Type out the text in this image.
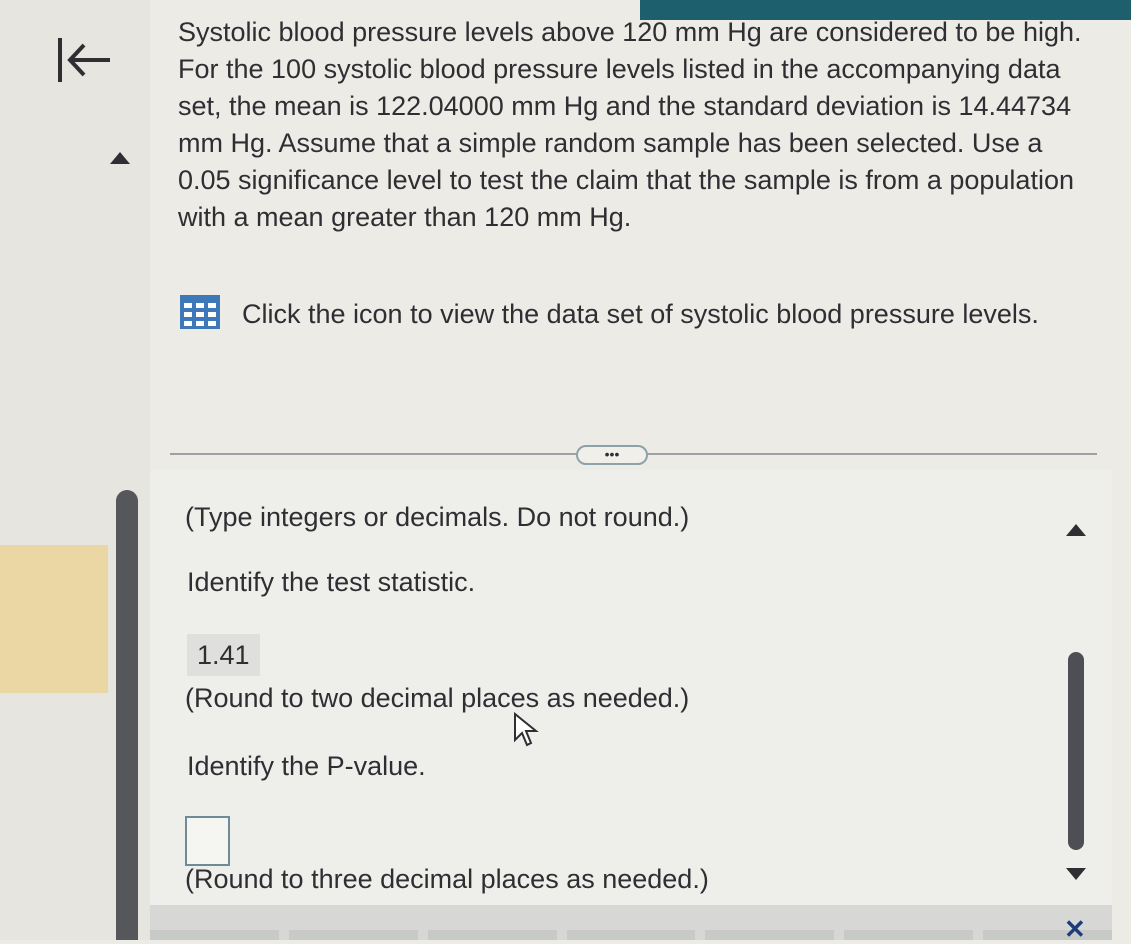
Systolic blood pressure levels above 120 mm Hg are considered to be high. For the 100 systolic blood pressure levels listed in the accompanying data set, the mean is 122.04000 mm Hg and the standard deviation is 14.44734 mm Hg. Assume that a simple random sample has been selected. Use a 0.05 significance level to test the claim that the sample is from a population with a mean greater than 120 mm Hg.

Click the icon to view the data set of systolic blood pressure levels.
•••

(Type integers or decimals. Do not round.)

Identify the test statistic.

1.41

(Round to two decimal places as needed.)

Identify the P-value.

(Round to three decimal places as needed.)

✕
